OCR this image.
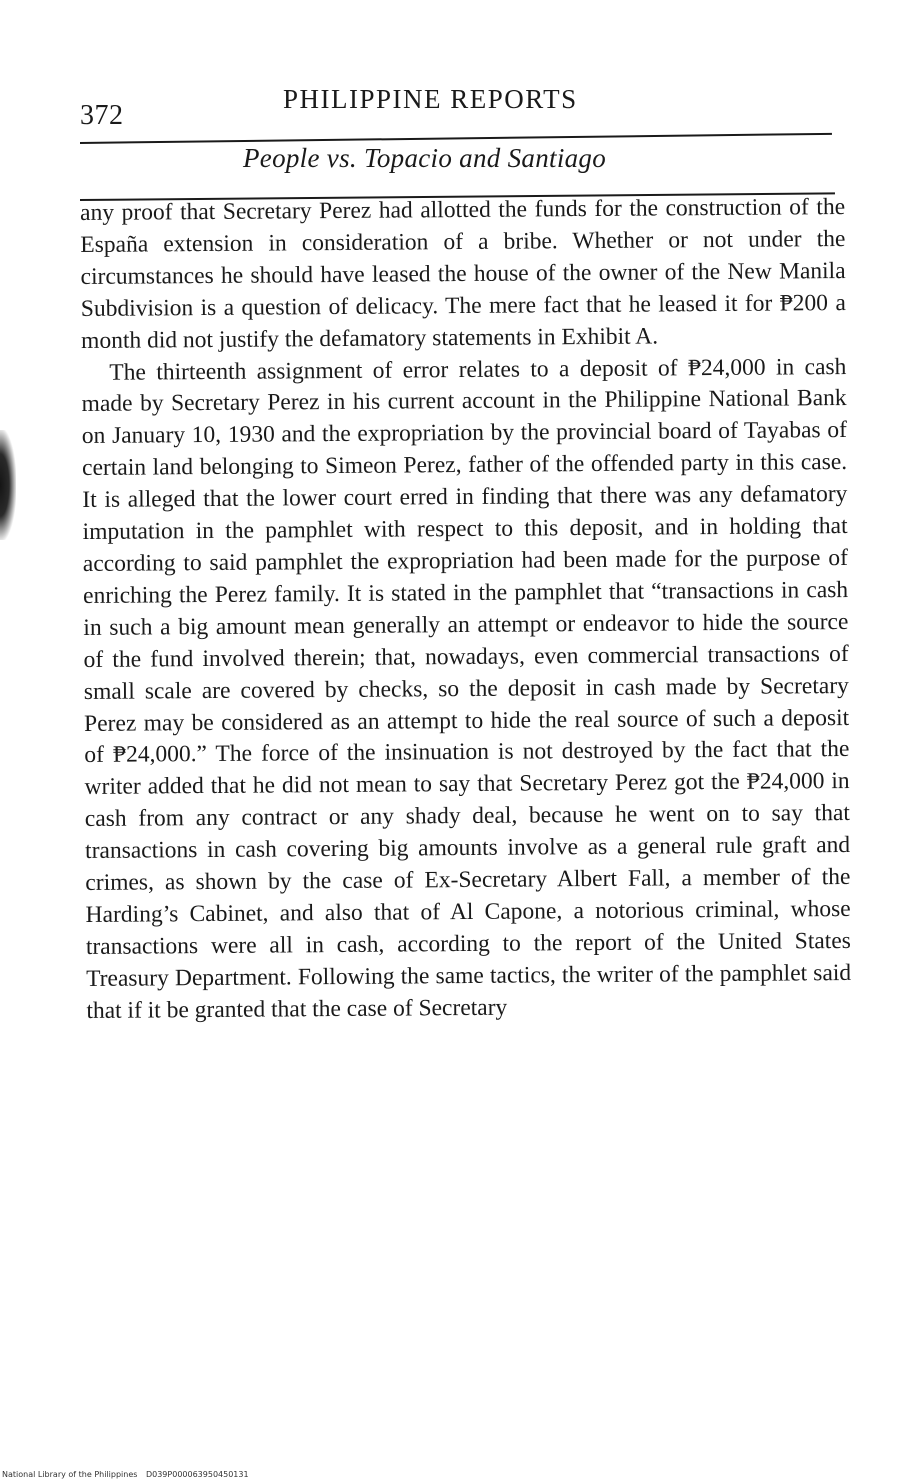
372
PHILIPPINE REPORTS
People vs. Topacio and Santiago

any proof that Secretary Perez had allotted the funds for the construction of the España extension in consideration of a bribe. Whether or not under the circumstances he should have leased the house of the owner of the New Manila Subdivision is a question of delicacy. The mere fact that he leased it for ₱200 a month did not justify the defamatory statements in Exhibit A.

The thirteenth assignment of error relates to a deposit of ₱24,000 in cash made by Secretary Perez in his current account in the Philippine National Bank on January 10, 1930 and the expropriation by the provincial board of Tayabas of certain land belonging to Simeon Perez, father of the offended party in this case. It is alleged that the lower court erred in finding that there was any defamatory imputation in the pamphlet with respect to this deposit, and in holding that according to said pamphlet the expropriation had been made for the purpose of enriching the Perez family. It is stated in the pamphlet that “transactions in cash in such a big amount mean generally an attempt or endeavor to hide the source of the fund involved therein; that, nowadays, even commercial transactions of small scale are covered by checks, so the deposit in cash made by Secretary Perez may be considered as an attempt to hide the real source of such a deposit of ₱24,000.” The force of the insinuation is not destroyed by the fact that the writer added that he did not mean to say that Secretary Perez got the ₱24,000 in cash from any contract or any shady deal, because he went on to say that transactions in cash covering big amounts involve as a general rule graft and crimes, as shown by the case of Ex-Secretary Albert Fall, a member of the Harding’s Cabinet, and also that of Al Capone, a notorious criminal, whose transactions were all in cash, according to the report of the United States Treasury Department. Following the same tactics, the writer of the pamphlet said that if it be granted that the case of Secretary

National Library of the Philippines D039P000063950450131
